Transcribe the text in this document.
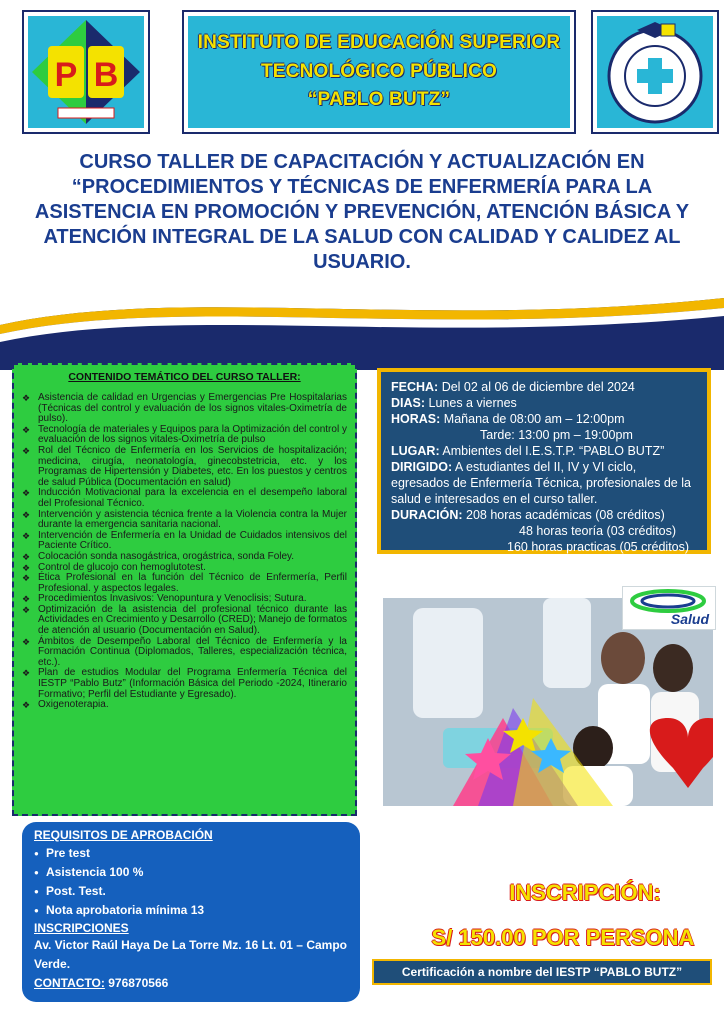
P B
INSTITUTO DE EDUCACIÓN SUPERIOR
TECNOLÓGICO PÚBLICO
“PABLO BUTZ”
CURSO TALLER DE CAPACITACIÓN Y ACTUALIZACIÓN EN “PROCEDIMIENTOS Y TÉCNICAS DE ENFERMERÍA PARA LA ASISTENCIA EN PROMOCIÓN Y PREVENCIÓN, ATENCIÓN BÁSICA Y ATENCIÓN INTEGRAL DE LA SALUD CON CALIDAD Y CALIDEZ AL USUARIO.
CONTENIDO TEMÁTICO DEL CURSO TALLER:
❖ Asistencia de calidad en Urgencias y Emergencias Pre Hospitalarias (Técnicas del control y evaluación de los signos vitales-Oximetría de pulso).
❖ Tecnología de materiales y Equipos para la Optimización del control y evaluación de los signos vitales-Oximetría de pulso
❖ Rol del Técnico de Enfermería en los Servicios de hospitalización; medicina, cirugía, neonatología, ginecobstetricia, etc. y los Programas de Hipertensión y Diabetes, etc. En los puestos y centros de salud Pública (Documentación en salud)
❖ Inducción Motivacional para la excelencia en el desempeño laboral del Profesional Técnico.
❖ Intervención y asistencia técnica frente a la Violencia contra la Mujer durante la emergencia sanitaria nacional.
❖ Intervención de Enfermería en la Unidad de Cuidados intensivos del Paciente Crítico.
❖ Colocación sonda nasogástrica, orogástrica, sonda Foley.
❖ Control de glucojo con hemoglutotest.
❖ Ética Profesional en la función del Técnico de Enfermería, Perfil Profesional. y aspectos legales.
❖ Procedimientos Invasivos: Venopuntura y Venoclisis; Sutura.
❖ Optimización de la asistencia del profesional técnico durante las Actividades en Crecimiento y Desarrollo (CRED); Manejo de formatos de atención al usuario (Documentación en Salud).
❖ Ámbitos de Desempeño Laboral del Técnico de Enfermería y la Formación Continua (Diplomados, Talleres, especialización técnica, etc.).
❖ Plan de estudios Modular del Programa Enfermería Técnica del IESTP “Pablo Butz” (Información Básica del Periodo -2024, Itinerario Formativo; Perfil del Estudiante y Egresado).
❖ Oxigenoterapia.
FECHA: Del 02 al 06 de diciembre del 2024
DIAS: Lunes a viernes
HORAS: Mañana de 08:00 am – 12:00pm
Tarde: 13:00 pm – 19:00pm
LUGAR: Ambientes del I.E.S.T.P. “PABLO BUTZ”
DIRIGIDO: A estudiantes del II, IV y VI ciclo, egresados de Enfermería Técnica, profesionales de la salud e interesados en el curso taller.
DURACIÓN: 208 horas académicas (08 créditos)
48 horas teoría (03 créditos)
160 horas practicas (05 créditos)
Salud
REQUISITOS DE APROBACIÓN
● Pre test
● Asistencia 100 %
● Post. Test.
● Nota aprobatoria mínima 13
INSCRIPCIONES
Av. Victor Raúl Haya De La Torre Mz. 16 Lt. 01 – Campo Verde.
CONTACTO: 976870566
INSCRIPCIÓN:
S/ 150.00 POR PERSONA
Certificación a nombre del IESTP “PABLO BUTZ”
